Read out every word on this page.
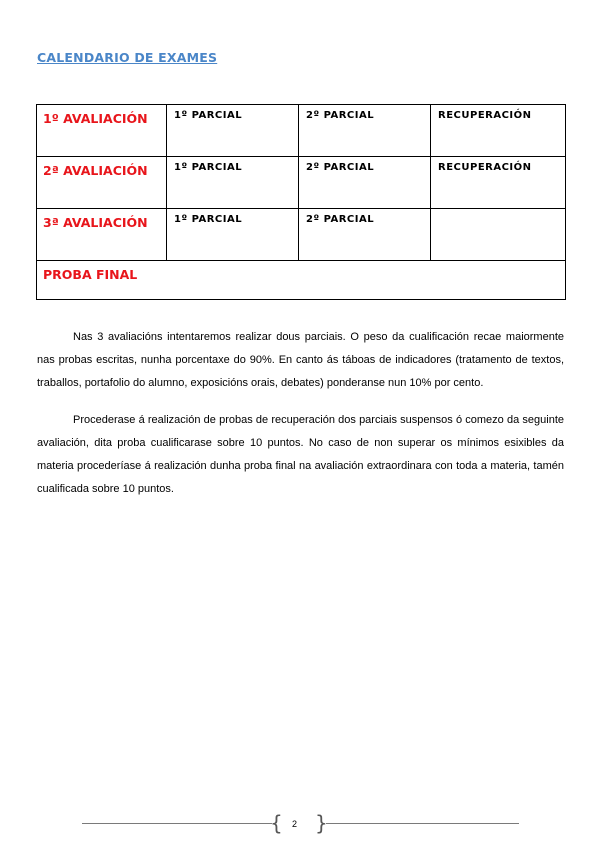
CALENDARIO DE EXAMES
1º AVALIACIÓN	1º PARCIAL	2º PARCIAL	RECUPERACIÓN

2ª AVALIACIÓN	1º PARCIAL	2º PARCIAL	RECUPERACIÓN

3ª AVALIACIÓN	1º PARCIAL	2º PARCIAL	

PROBA FINAL			

Nas 3 avaliacións intentaremos realizar dous parciais. O peso da cualificación recae maiormente nas probas escritas, nunha porcentaxe do 90%. En canto ás táboas de indicadores (tratamento de textos, traballos, portafolio do alumno, exposicións orais, debates) ponderanse nun 10% por cento.

Procederase á realización de probas de recuperación dos parciais suspensos ó comezo da seguinte avaliación, dita proba cualificarase sobre 10 puntos. No caso de non superar os mínimos esixibles da materia procederíase á realización dunha proba final na avaliación extraordinara con toda a materia, tamén cualificada sobre 10 puntos.

{ }
2
